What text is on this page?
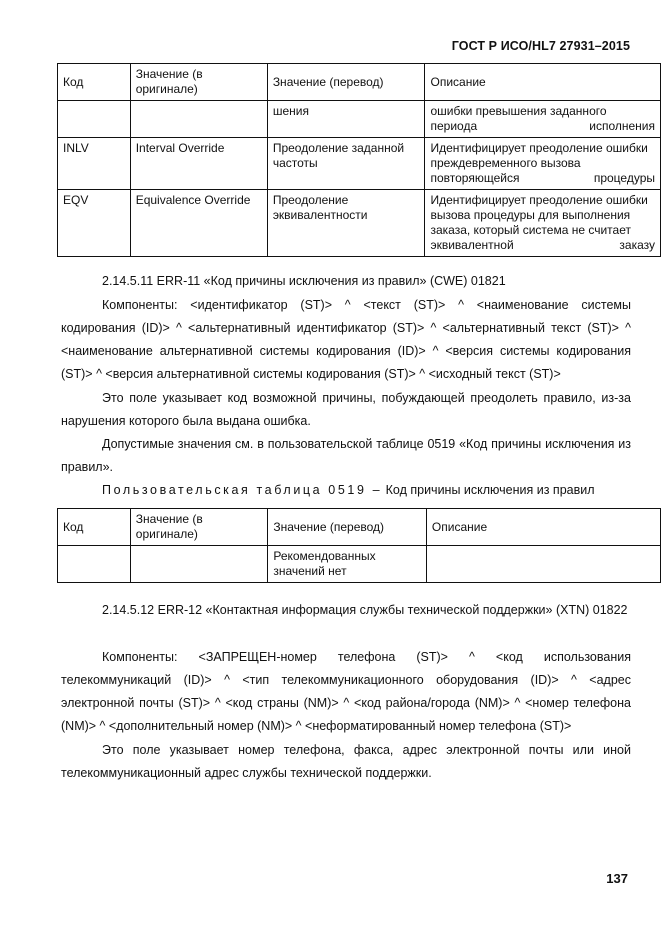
ГОСТ Р ИСО/HL7 27931–2015
Код	Значение (в оригинале)	Значение (перевод)	Описание
		шения	ошибки превышения заданного периода исполнения
INLV	Interval Override	Преодоление заданной частоты	Идентифицирует преодоление ошибки преждевременного вызова повторяющейся процедуры
EQV	Equivalence Override	Преодоление эквивалентности	Идентифицирует преодоление ошибки вызова процедуры для выполнения заказа, который система не считает эквивалентной заказу
2.14.5.11 ERR-11 «Код причины исключения из правил» (CWE) 01821
Компоненты: <идентификатор (ST)> ^ <текст (ST)> ^ <наименование системы кодирования (ID)> ^ <альтернативный идентификатор (ST)> ^ <альтернативный текст (ST)> ^ <наименование альтернативной системы кодирования (ID)> ^ <версия системы кодирования (ST)> ^ <версия альтернативной системы кодирования (ST)> ^ <исходный текст (ST)>
Это поле указывает код возможной причины, побуждающей преодолеть правило, из-за нарушения которого была выдана ошибка.
Допустимые значения см. в пользовательской таблице 0519 «Код причины исключения из правил».
Пользовательская таблица 0519 – Код причины исключения из правил
Код	Значение (в оригинале)	Значение (перевод)	Описание
		Рекомендованных значений нет	
2.14.5.12 ERR-12 «Контактная информация службы технической поддержки» (XTN) 01822
Компоненты: <ЗАПРЕЩЕН-номер телефона (ST)> ^ <код использования телекоммуникаций (ID)> ^ <тип телекоммуникационного оборудования (ID)> ^ <адрес электронной почты (ST)> ^ <код страны (NM)> ^ <код района/города (NM)> ^ <номер телефона (NM)> ^ <дополнительный номер (NM)> ^ <неформатированный номер телефона (ST)>
Это поле указывает номер телефона, факса, адрес электронной почты или иной телекоммуникационный адрес службы технической поддержки.
137
